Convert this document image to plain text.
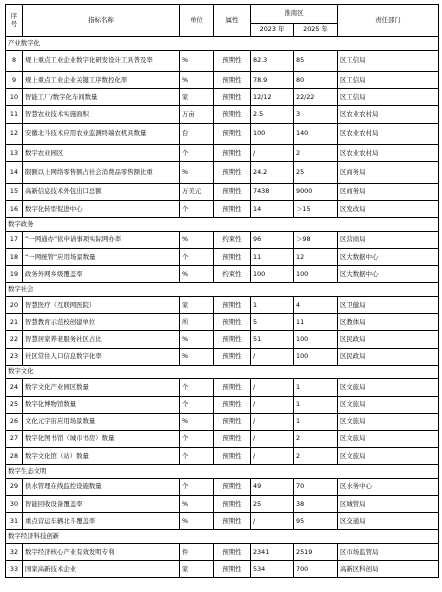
序号	指标名称	单位	属性	淮南区		责任部门
				2023 年	2025 年	
产业数字化						
8	规上重点工业企业数字化研发设计工具普及率	%	预期性	82.3	85	区工信局
9	规上重点工业企业关键工序数控化率	%	预期性	78.9	80	区工信局
10	智能工厂/数字化车间数量	家	预期性	12/12	22/22	区工信局
11	智慧农业技术实施面积	万亩	预期性	2.5	3	区农业农村局
12	安徽北斗技术应用农业监测终端农机具数量	台	预期性	100	140	区农业农村局
13	数字农业园区	个	预期性	/	2	区农业农村局
14	限额以上网络零售额占社会消费品零售额比重	%	预期性	24.2	25	区商务局
15	高新信息技术外包出口总额	万美元	预期性	7438	9000	区商务局
16	数字化转型促进中心	个	预期性	14	＞15	区发改局
数字政务						
17	“一网通办”依申请事项实际网办率	%	约束性	96	＞98	区营商局
18	“一网统管”应用场景数量	个	预期性	11	12	区大数据中心
19	政务外网乡级覆盖率	%	约束性	100	100	区大数据中心
数字社会						
20	智慧医疗（互联网医院）	家	预期性	1	4	区卫健局
21	智慧教育示范校创建单位	所	预期性	5	11	区教体局
22	智慧居家养老服务社区占比	%	预期性	51	100	区民政局
23	社区常住人口信息数字化率	%	预期性	/	100	区民政局
数字文化						
24	数字文化产业园区数量	个	预期性	/	1	区文旅局
25	数字化博物馆数量	个	预期性	/	1	区文旅局
26	文化元宇宙应用场景数量	%	预期性	/	1	区文旅局
27	数字化图书馆（城市书房）数量	个	预期性	/	2	区文旅局
28	数字文化馆（站）数量	个	预期性	/	2	区文旅局
数字生态文明						
29	供水管理在线监控设施数量	个	预期性	49	70	区水务中心
30	智能回收设备覆盖率	%	预期性	25	38	区城管局
31	重点营运车辆北斗覆盖率	%	预期性	/	95	区交通局
数字经济科技创新						
32	数字经济核心产业有效发明专利	件	预期性	2341	2519	区市场监管局
33	国家高新技术企业	家	预期性	534	700	高新区科创局
